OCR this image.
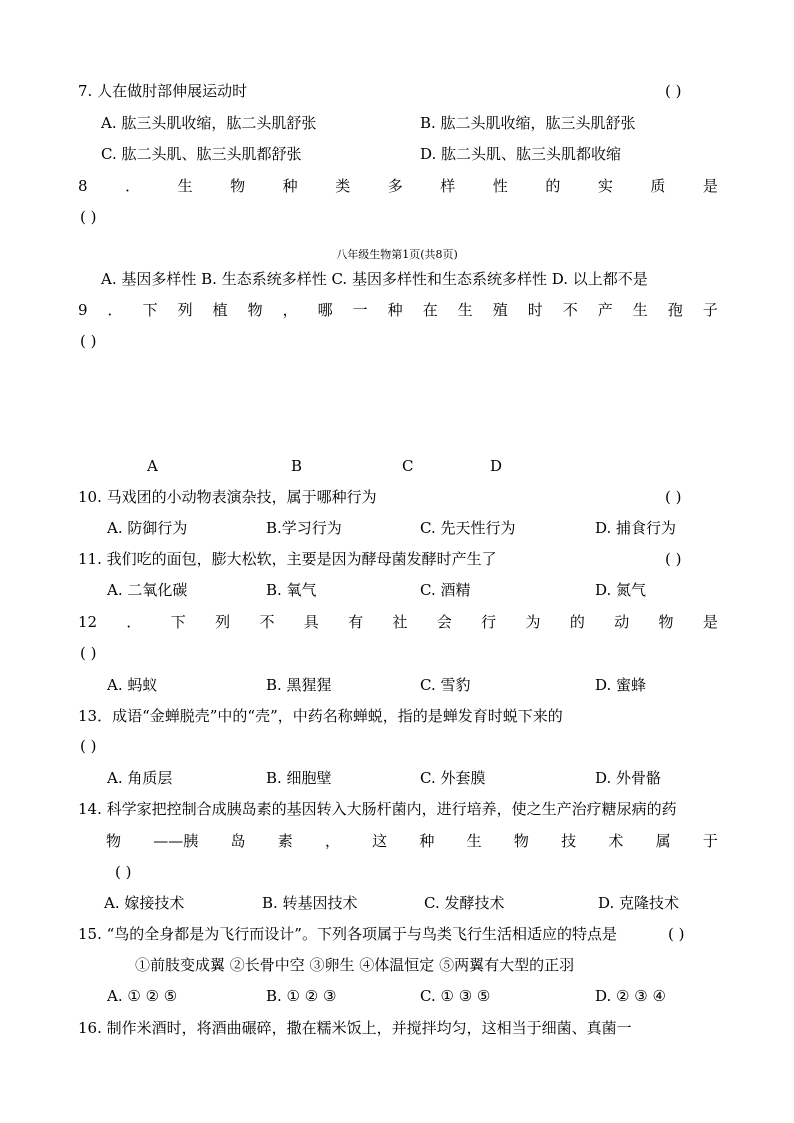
7. 人在做肘部伸展运动时	( )
A. 肱三头肌收缩，肱二头肌舒张	B. 肱二头肌收缩，肱三头肌舒张
C. 肱二头肌、肱三头肌都舒张	D. 肱二头肌、肱三头肌都收缩
8	．	生	物	种	类	多	样	性	的	实	质	是
( )
八年级生物第1页(共8页)
A. 基因多样性 B. 生态系统多样性 C. 基因多样性和生态系统多样性 D. 以上都不是
9 ． 下 列 植 物 ， 哪 一 种 在 生 殖 时 不 产 生 孢 子
( )
A	B	C	D
10. 马戏团的小动物表演杂技，属于哪种行为	( )
A. 防御行为	B.学习行为	C. 先天性行为	D. 捕食行为
11. 我们吃的面包，膨大松软，主要是因为酵母菌发酵时产生了	( )
A. 二氧化碳	B. 氧气	C. 酒精	D. 氮气
12 ． 下 列 不 具 有 社 会 行 为 的 动 物 是
( )
A. 蚂蚁	B. 黑猩猩	C. 雪豹	D. 蜜蜂
13．成语“金蝉脱壳”中的“壳”，中药名称蝉蜕，指的是蝉发育时蜕下来的
( )
A. 角质层	B. 细胞壁	C. 外套膜	D. 外骨骼
14. 科学家把控制合成胰岛素的基因转入大肠杆菌内，进行培养，使之生产治疗糖尿病的药
物 ——胰 岛 素 ， 这 种 生 物 技 术 属 于
( )
A. 嫁接技术	B. 转基因技术	C. 发酵技术	D. 克隆技术
15. “鸟的全身都是为飞行而设计”。下列各项属于与鸟类飞行生活相适应的特点是	( )
①前肢变成翼 ②长骨中空 ③卵生 ④体温恒定 ⑤两翼有大型的正羽
A. ① ② ⑤	B. ① ② ③	C. ① ③ ⑤	D. ② ③ ④
16. 制作米酒时，将酒曲碾碎，撒在糯米饭上，并搅拌均匀，这相当于细菌、真菌一
